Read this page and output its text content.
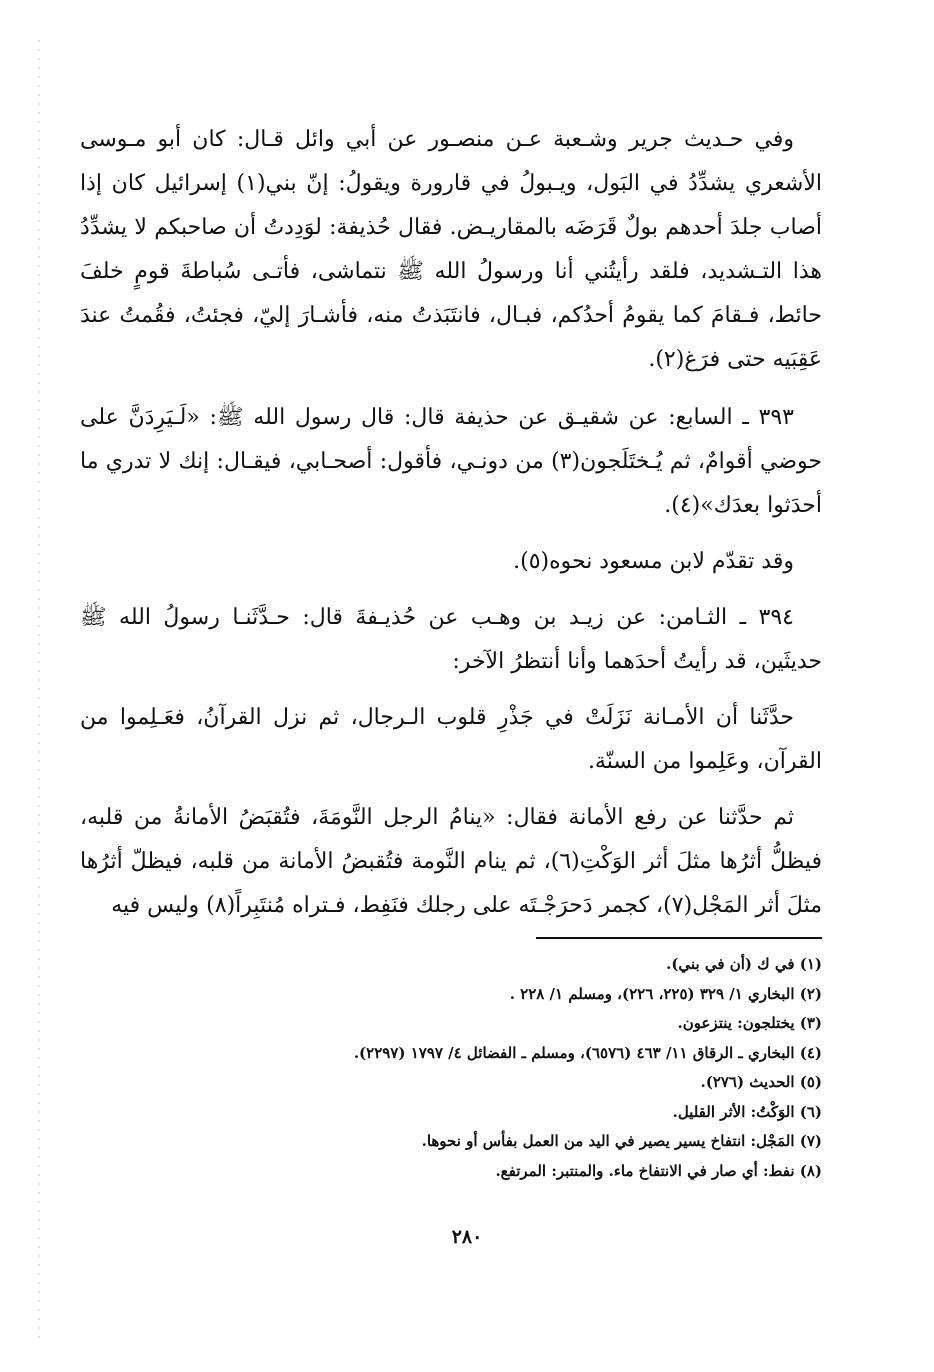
وفي حـديث جرير وشـعبة عـن منصـور عن أبي وائل قـال: كان أبو مـوسى الأشعري يشدِّدُ في البَول، ويـبولُ في قارورة ويقولُ: إنّ بني(١) إسرائيل كان إذا أصاب جلدَ أحدهم بولٌ قَرَضَه بالمقاريـض. فقال حُذيفة: لوَدِدتُ أن صاحبكم لا يشدِّدُ هذا التـشديد، فلقد رأيتُني أنا ورسولُ الله ﷺ نتماشى، فأتـى سُباطةَ قومٍ خلفَ حائط، فـقامَ كما يقومُ أحدُكم، فبـال، فانتَبَذتُ منه، فأشـارَ إليّ، فجئتُ، فقُمتُ عندَ عَقِبَيه حتى فرَغ(٢).

٣٩٣ ـ السابع: عن شقيـق عن حذيفة قال: قال رسول الله ﷺ: «لَـيَرِدَنَّ على حوضي أقوامٌ، ثم يُـختَلَجون(٣) من دونـي، فأقول: أصحـابي، فيقـال: إنك لا تدري ما أحدَثوا بعدَك»(٤).

وقد تقدّم لابن مسعود نحوه(٥).

٣٩٤ ـ الثـامن: عن زيـد بن وهـب عن حُذيـفةَ قال: حـدَّثَنـا رسولُ الله ﷺ حديثَين، قد رأيتُ أحدَهما وأنا أنتظرُ الآخر:

حدَّثَنا أن الأمـانة نَزَلَتْ في جَذْرِ قلوب الـرجال، ثم نزل القرآنُ، فعَـلِموا من القرآن، وعَلِموا من السنّة.

ثم حدَّثنا عن رفع الأمانة فقال: «ينامُ الرجل النَّومَةَ، فتُقبَضُ الأمانةُ من قلبه، فيظلُّ أثرُها مثلَ أثر الوَكْتِ(٦)، ثم ينام النَّومة فتُقبضُ الأمانة من قلبه، فيظلّ أثرُها مثلَ أثر المَجْل(٧)، كجمر دَحرَجْـتَه على رجلك فنَفِط، فـتراه مُنتَبِراً(٨) وليس فيه

(١) في ك (أن في بني).

(٢) البخاري ١/ ٣٢٩ (٢٢٥، ٢٢٦)، ومسلم ١/ ٢٢٨ .

(٣) يختلجون: ينتزعون.

(٤) البخاري ـ الرقاق ١١/ ٤٦٣ (٦٥٧٦)، ومسلم ـ الفضائل ٤/ ١٧٩٧ (٢٢٩٧).

(٥) الحديث (٢٧٦).

(٦) الوَكْتُ: الأثر القليل.

(٧) المَجْل: انتفاخ يسير يصير في اليد من العمل بفأس أو نحوها.

(٨) نفط: أي صار في الانتفاخ ماء. والمنتبر: المرتفع.

٢٨٠
